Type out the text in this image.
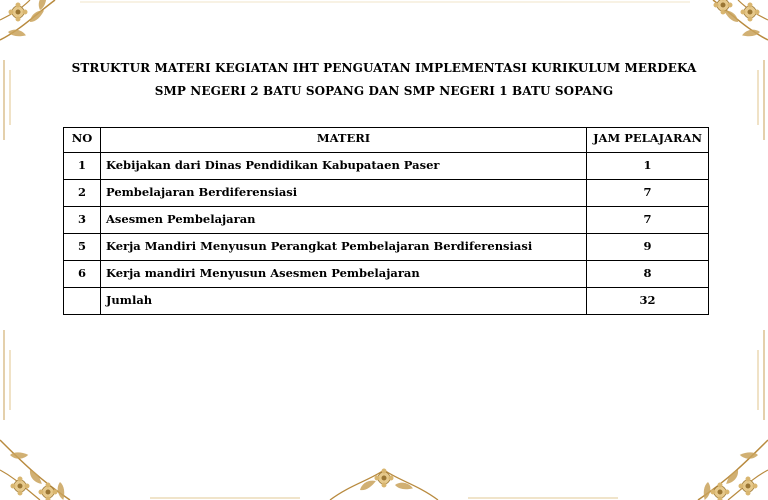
STRUKTUR MATERI KEGIATAN IHT PENGUATAN IMPLEMENTASI KURIKULUM MERDEKA
SMP NEGERI 2 BATU SOPANG DAN SMP NEGERI 1 BATU SOPANG
NO	MATERI	JAM PELAJARAN
1	Kebijakan dari Dinas Pendidikan Kabupataen Paser	1
2	Pembelajaran Berdiferensiasi	7
3	Asesmen Pembelajaran	7
5	Kerja Mandiri Menyusun Perangkat Pembelajaran Berdiferensiasi	9
6	Kerja mandiri Menyusun Asesmen Pembelajaran	8
	Jumlah	32
